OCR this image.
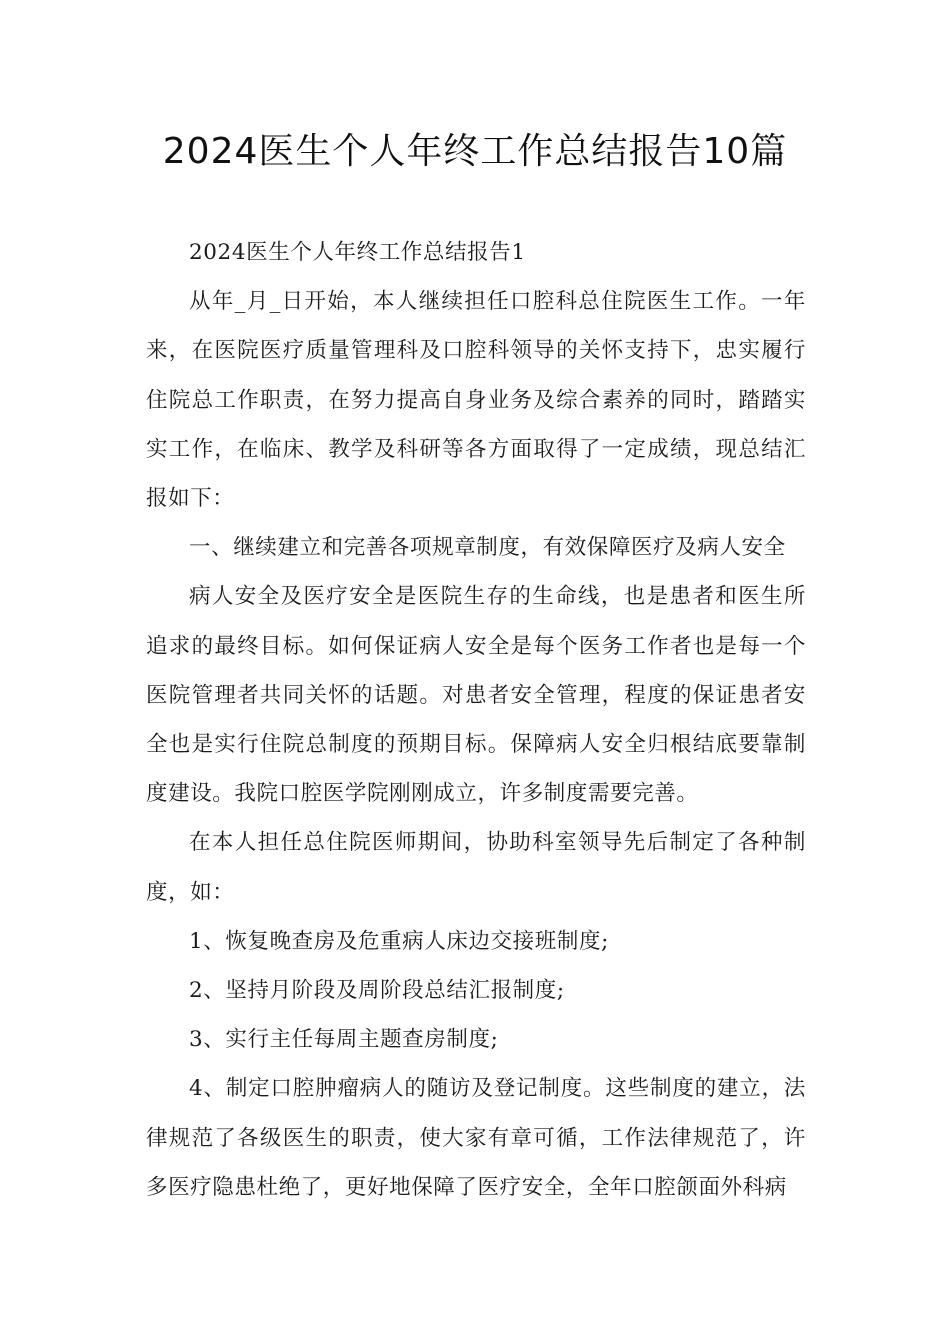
2024医生个人年终工作总结报告10篇

2024医生个人年终工作总结报告1

从年_月_日开始，本人继续担任口腔科总住院医生工作。一年来，在医院医疗质量管理科及口腔科领导的关怀支持下，忠实履行住院总工作职责，在努力提高自身业务及综合素养的同时，踏踏实实工作，在临床、教学及科研等各方面取得了一定成绩，现总结汇报如下：

一、继续建立和完善各项规章制度，有效保障医疗及病人安全

病人安全及医疗安全是医院生存的生命线，也是患者和医生所追求的最终目标。如何保证病人安全是每个医务工作者也是每一个医院管理者共同关怀的话题。对患者安全管理，程度的保证患者安全也是实行住院总制度的预期目标。保障病人安全归根结底要靠制度建设。我院口腔医学院刚刚成立，许多制度需要完善。

在本人担任总住院医师期间，协助科室领导先后制定了各种制度，如：

1、恢复晚查房及危重病人床边交接班制度;

2、坚持月阶段及周阶段总结汇报制度;

3、实行主任每周主题查房制度;

4、制定口腔肿瘤病人的随访及登记制度。这些制度的建立，法律规范了各级医生的职责，使大家有章可循，工作法律规范了，许多医疗隐患杜绝了，更好地保障了医疗安全，全年口腔颌面外科病
